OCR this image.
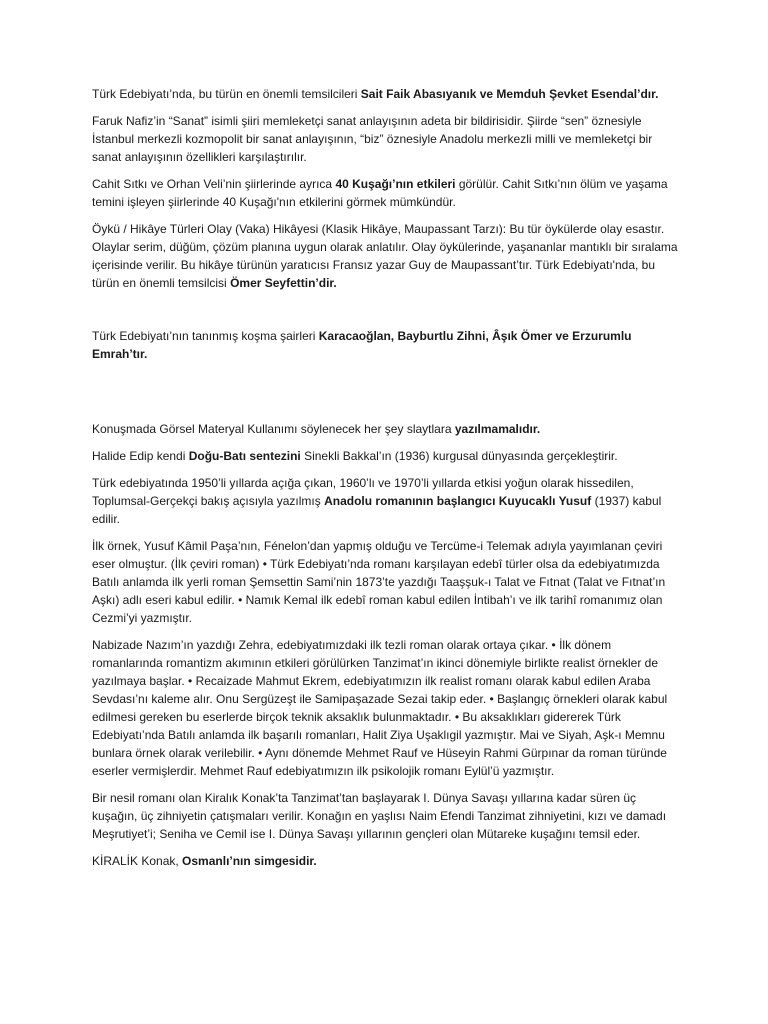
Türk Edebiyatı’nda, bu türün en önemli temsilcileri Sait Faik Abasıyanık ve Memduh Şevket Esendal’dır.

Faruk Nafiz’in “Sanat” isimli şiiri memleketçi sanat anlayışının adeta bir bildirisidir. Şiirde “sen” öznesiyle İstanbul merkezli kozmopolit bir sanat anlayışının, “biz” öznesiyle Anadolu merkezli milli ve memleketçi bir sanat anlayışının özellikleri karşılaştırılır.

Cahit Sıtkı ve Orhan Veli’nin şiirlerinde ayrıca 40 Kuşağı’nın etkileri görülür. Cahit Sıtkı’nın ölüm ve yaşama temini işleyen şiirlerinde 40 Kuşağı'nın etkilerini görmek mümkündür.

Öykü / Hikâye Türleri Olay (Vaka) Hikâyesi (Klasik Hikâye, Maupassant Tarzı): Bu tür öykülerde olay esastır. Olaylar serim, düğüm, çözüm planına uygun olarak anlatılır. Olay öykülerinde, yaşananlar mantıklı bir sıralama içerisinde verilir. Bu hikâye türünün yaratıcısı Fransız yazar Guy de Maupassant’tır. Türk Edebiyatı'nda, bu türün en önemli temsilcisi Ömer Seyfettin’dir.

Türk Edebiyatı’nın tanınmış koşma şairleri Karacaoğlan, Bayburtlu Zihni, Âşık Ömer ve Erzurumlu Emrah’tır.

Konuşmada Görsel Materyal Kullanımı söylenecek her şey slaytlara yazılmamalıdır.

Halide Edip kendi Doğu-Batı sentezini Sinekli Bakkal’ın (1936) kurgusal dünyasında gerçekleştirir.

Türk edebiyatında 1950’li yıllarda açığa çıkan, 1960’lı ve 1970’li yıllarda etkisi yoğun olarak hissedilen, Toplumsal-Gerçekçi bakış açısıyla yazılmış Anadolu romanının başlangıcı Kuyucaklı Yusuf (1937) kabul edilir.

İlk örnek, Yusuf Kâmil Paşa’nın, Fénelon’dan yapmış olduğu ve Tercüme-i Telemak adıyla yayımlanan çeviri eser olmuştur. (İlk çeviri roman) • Türk Edebiyatı’nda romanı karşılayan edebî türler olsa da edebiyatımızda Batılı anlamda ilk yerli roman Şemsettin Sami’nin 1873’te yazdığı Taaşşuk-ı Talat ve Fıtnat (Talat ve Fıtnat’ın Aşkı) adlı eseri kabul edilir. • Namık Kemal ilk edebî roman kabul edilen İntibah’ı ve ilk tarihî romanımız olan Cezmi’yi yazmıştır.

Nabizade Nazım’ın yazdığı Zehra, edebiyatımızdaki ilk tezli roman olarak ortaya çıkar. • İlk dönem romanlarında romantizm akımının etkileri görülürken Tanzimat’ın ikinci dönemiyle birlikte realist örnekler de yazılmaya başlar. • Recaizade Mahmut Ekrem, edebiyatımızın ilk realist romanı olarak kabul edilen Araba Sevdası’nı kaleme alır. Onu Sergüzeşt ile Samipaşazade Sezai takip eder. • Başlangıç örnekleri olarak kabul edilmesi gereken bu eserlerde birçok teknik aksaklık bulunmaktadır. • Bu aksaklıkları gidererek Türk Edebiyatı’nda Batılı anlamda ilk başarılı romanları, Halit Ziya Uşaklıgil yazmıştır. Mai ve Siyah, Aşk-ı Memnu bunlara örnek olarak verilebilir. • Aynı dönemde Mehmet Rauf ve Hüseyin Rahmi Gürpınar da roman türünde eserler vermişlerdir. Mehmet Rauf edebiyatımızın ilk psikolojik romanı Eylül’ü yazmıştır.

Bir nesil romanı olan Kiralık Konak’ta Tanzimat’tan başlayarak I. Dünya Savaşı yıllarına kadar süren üç kuşağın, üç zihniyetin çatışmaları verilir. Konağın en yaşlısı Naim Efendi Tanzimat zihniyetini, kızı ve damadı Meşrutiyet’i; Seniha ve Cemil ise I. Dünya Savaşı yıllarının gençleri olan Mütareke kuşağını temsil eder.

KİRALİK Konak, Osmanlı’nın simgesidir.
